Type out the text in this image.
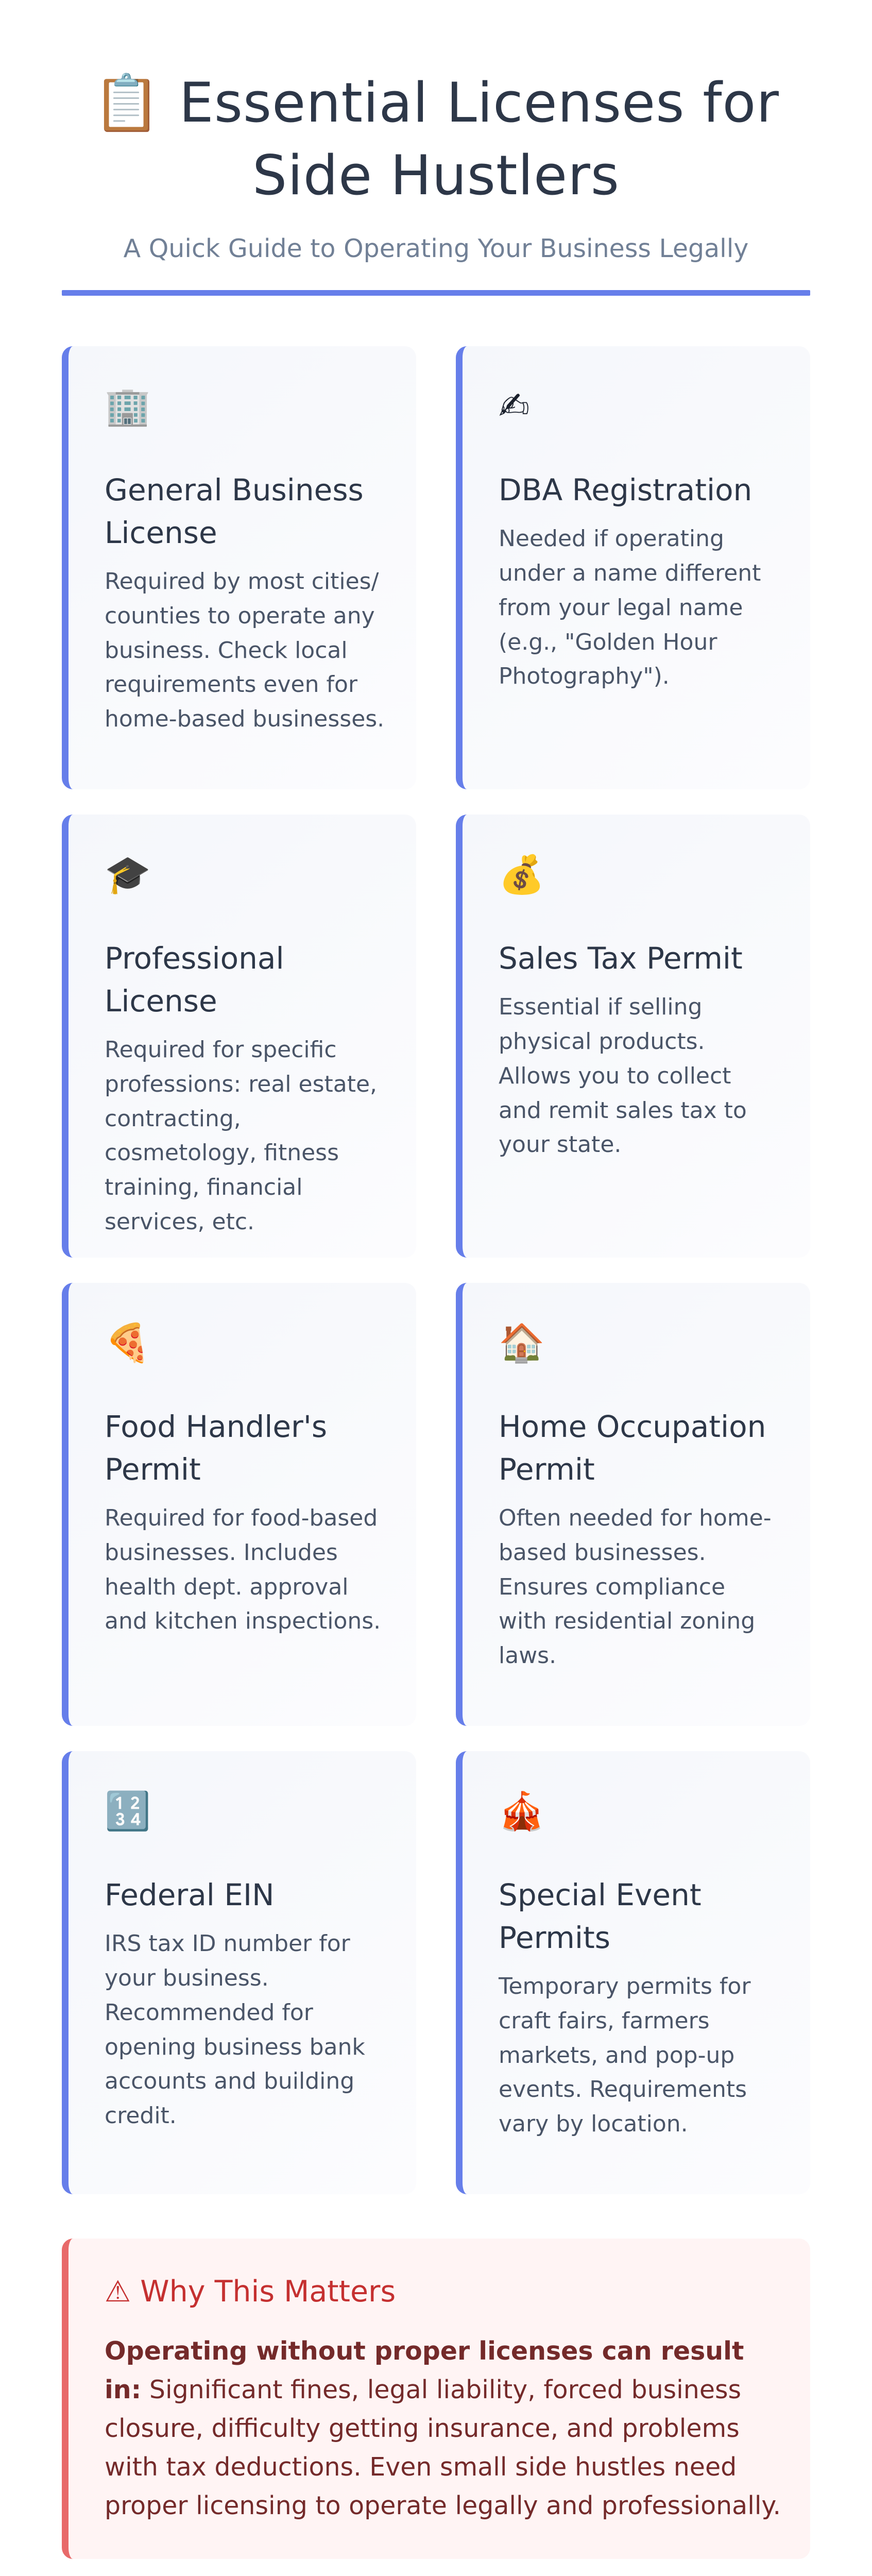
📋 Essential Licenses for Side Hustlers

A Quick Guide to Operating Your Business Legally

🏢
General Business License

Required by most cities/ counties to operate any business. Check local requirements even for home-based businesses.

✍
DBA Registration

Needed if operating under a name different from your legal name (e.g., "Golden Hour Photography").

🎓
Professional License

Required for specific professions: real estate, contracting, cosmetology, fitness training, financial services, etc.

💰
Sales Tax Permit

Essential if selling physical products. Allows you to collect and remit sales tax to your state.

🍕
Food Handler's Permit

Required for food-based businesses. Includes health dept. approval and kitchen inspections.

🏠
Home Occupation Permit

Often needed for home-based businesses. Ensures compliance with residential zoning laws.

🔢
Federal EIN

IRS tax ID number for your business. Recommended for opening business bank accounts and building credit.

🎪
Special Event Permits

Temporary permits for craft fairs, farmers markets, and pop-up events. Requirements vary by location.

⚠ Why This Matters

Operating without proper licenses can result in: Significant fines, legal liability, forced business closure, difficulty getting insurance, and problems with tax deductions. Even small side hustles need proper licensing to operate legally and professionally.
